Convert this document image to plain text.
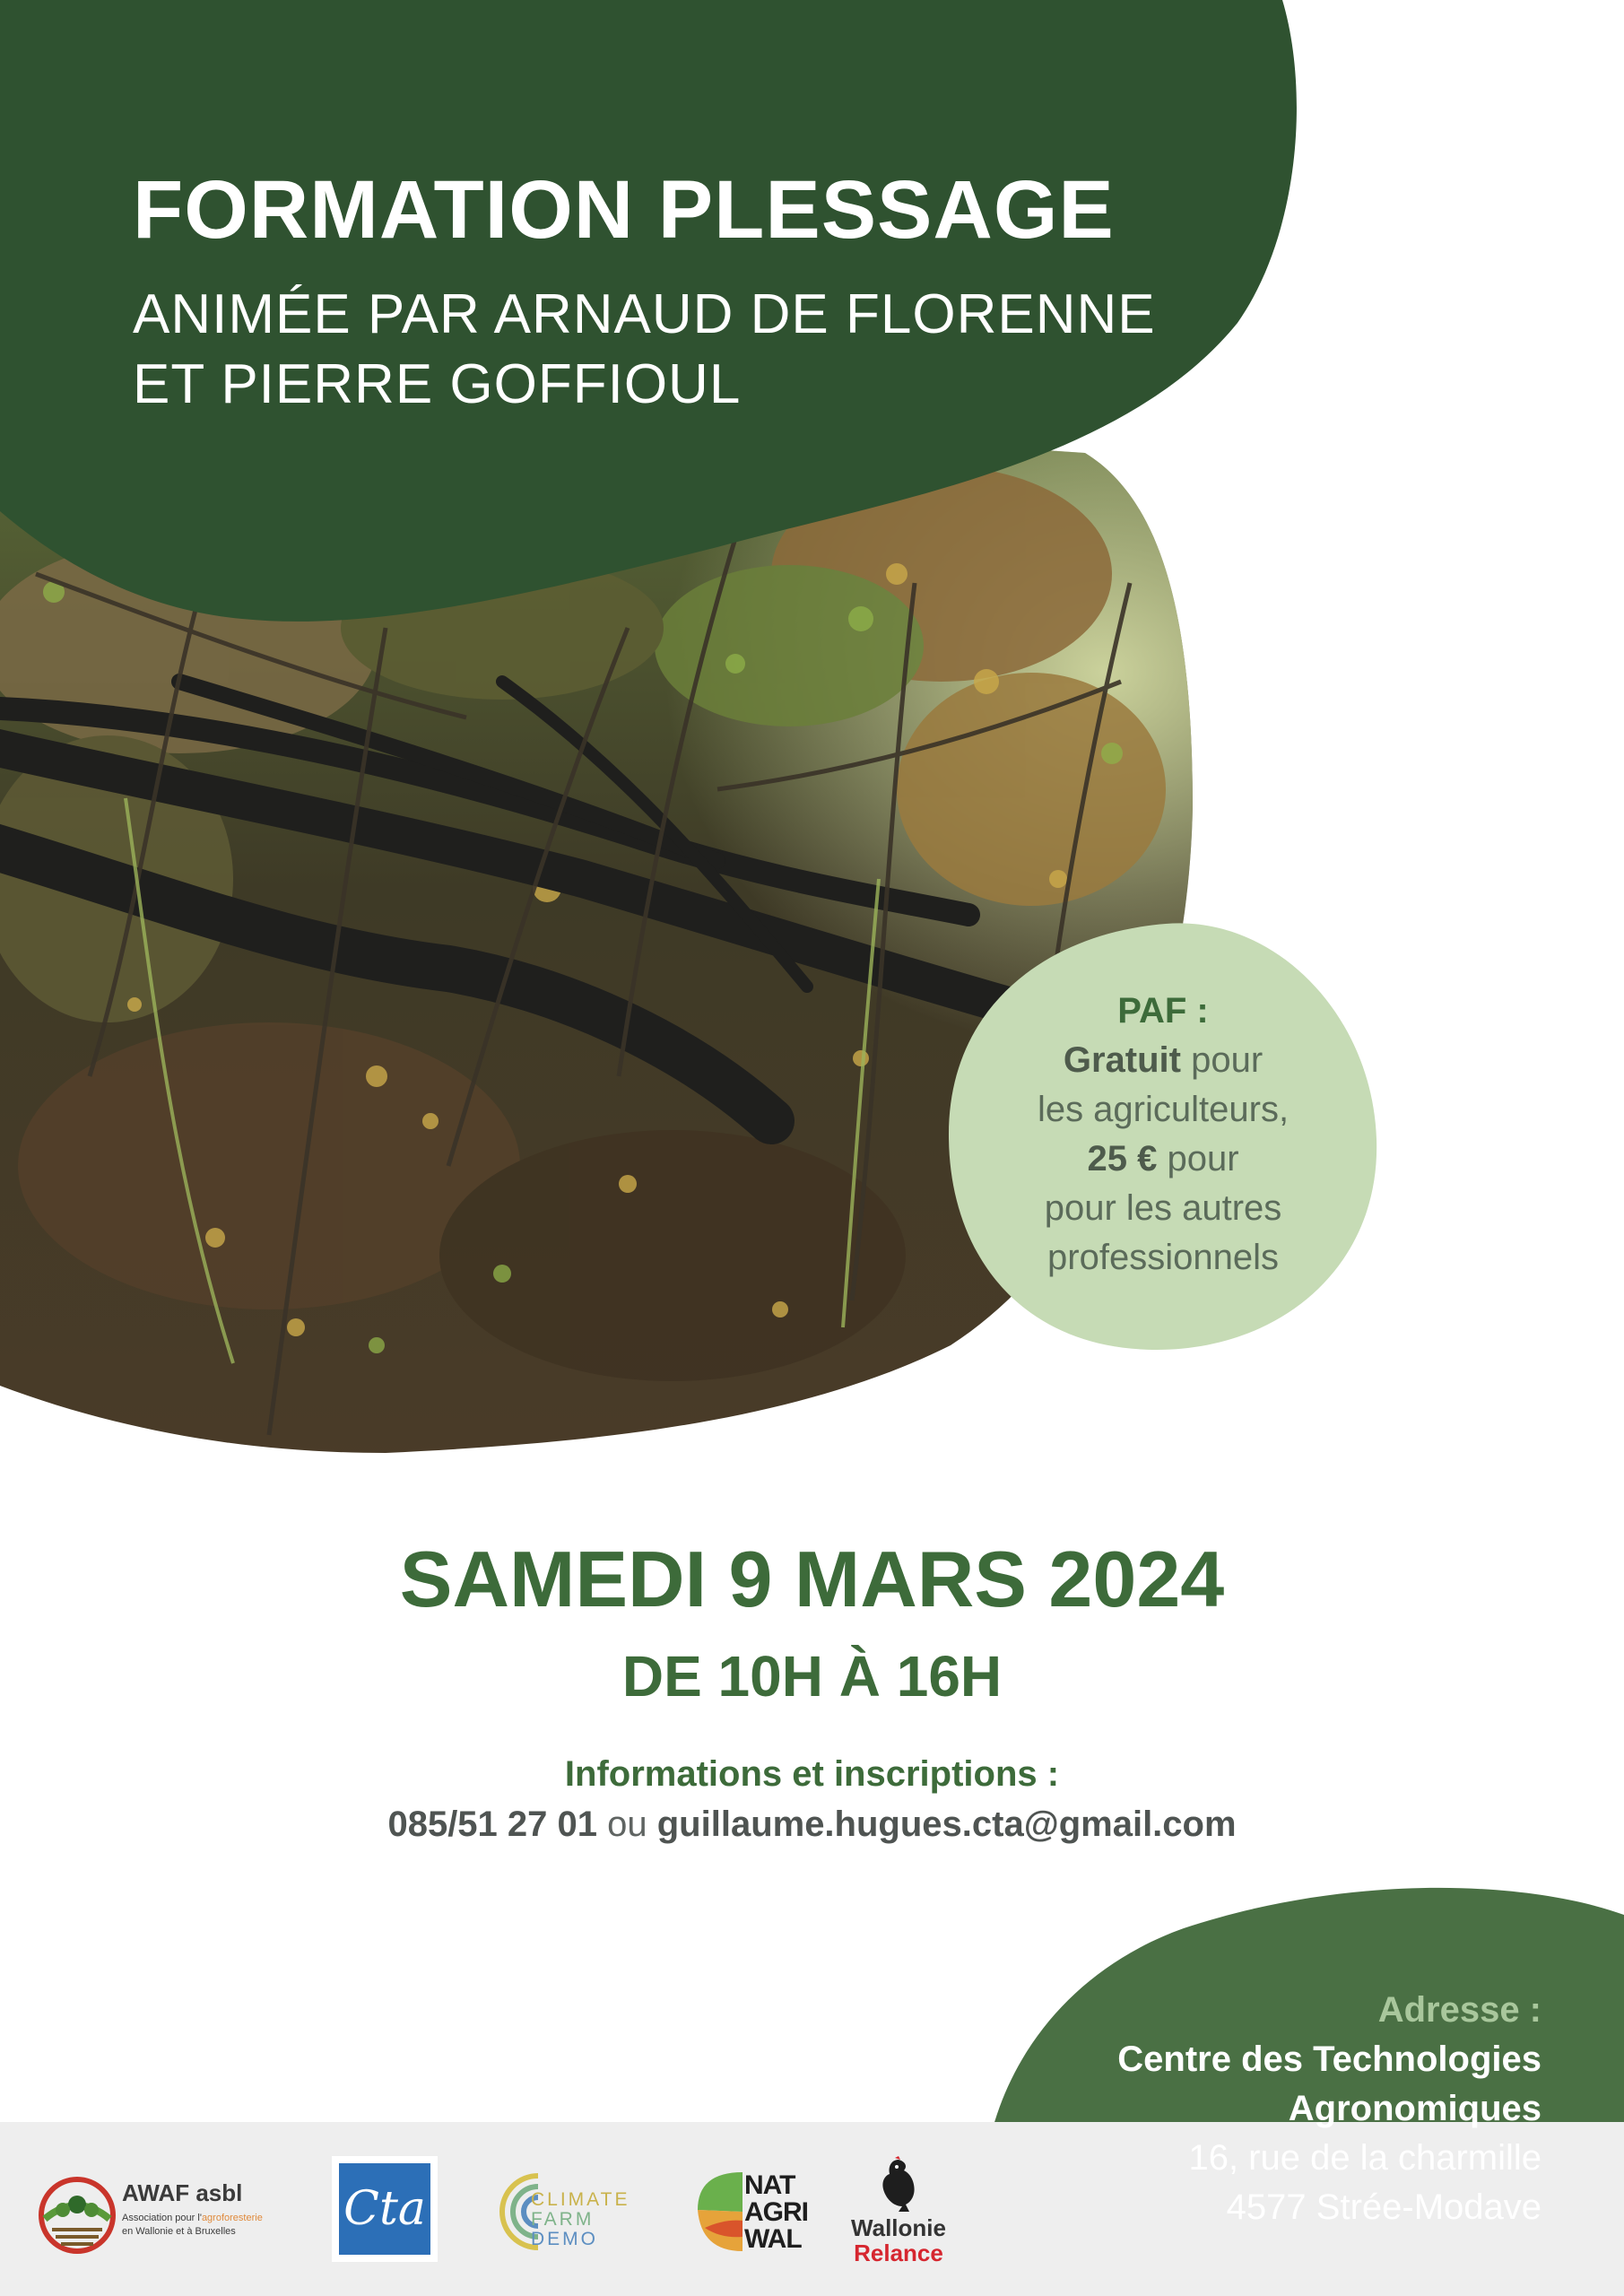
FORMATION PLESSAGE
ANIMÉE PAR ARNAUD DE FLORENNE
ET PIERRE GOFFIOUL
PAF :
Gratuit pour
les agriculteurs,
25 € pour
pour les autres
professionnels
SAMEDI 9 MARS 2024
DE 10H À 16H
Informations et inscriptions :
085/51 27 01 ou guillaume.hugues.cta@gmail.com
AWAF asbl
Association pour l'agroforesterie
en Wallonie et à Bruxelles	Cta	CLIMATE
FARM
DEMO
NAT
AGRI
WAL	Wallonie
Relance
Adresse :
Centre des Technologies
Agronomiques
16, rue de la charmille
4577 Strée-Modave
